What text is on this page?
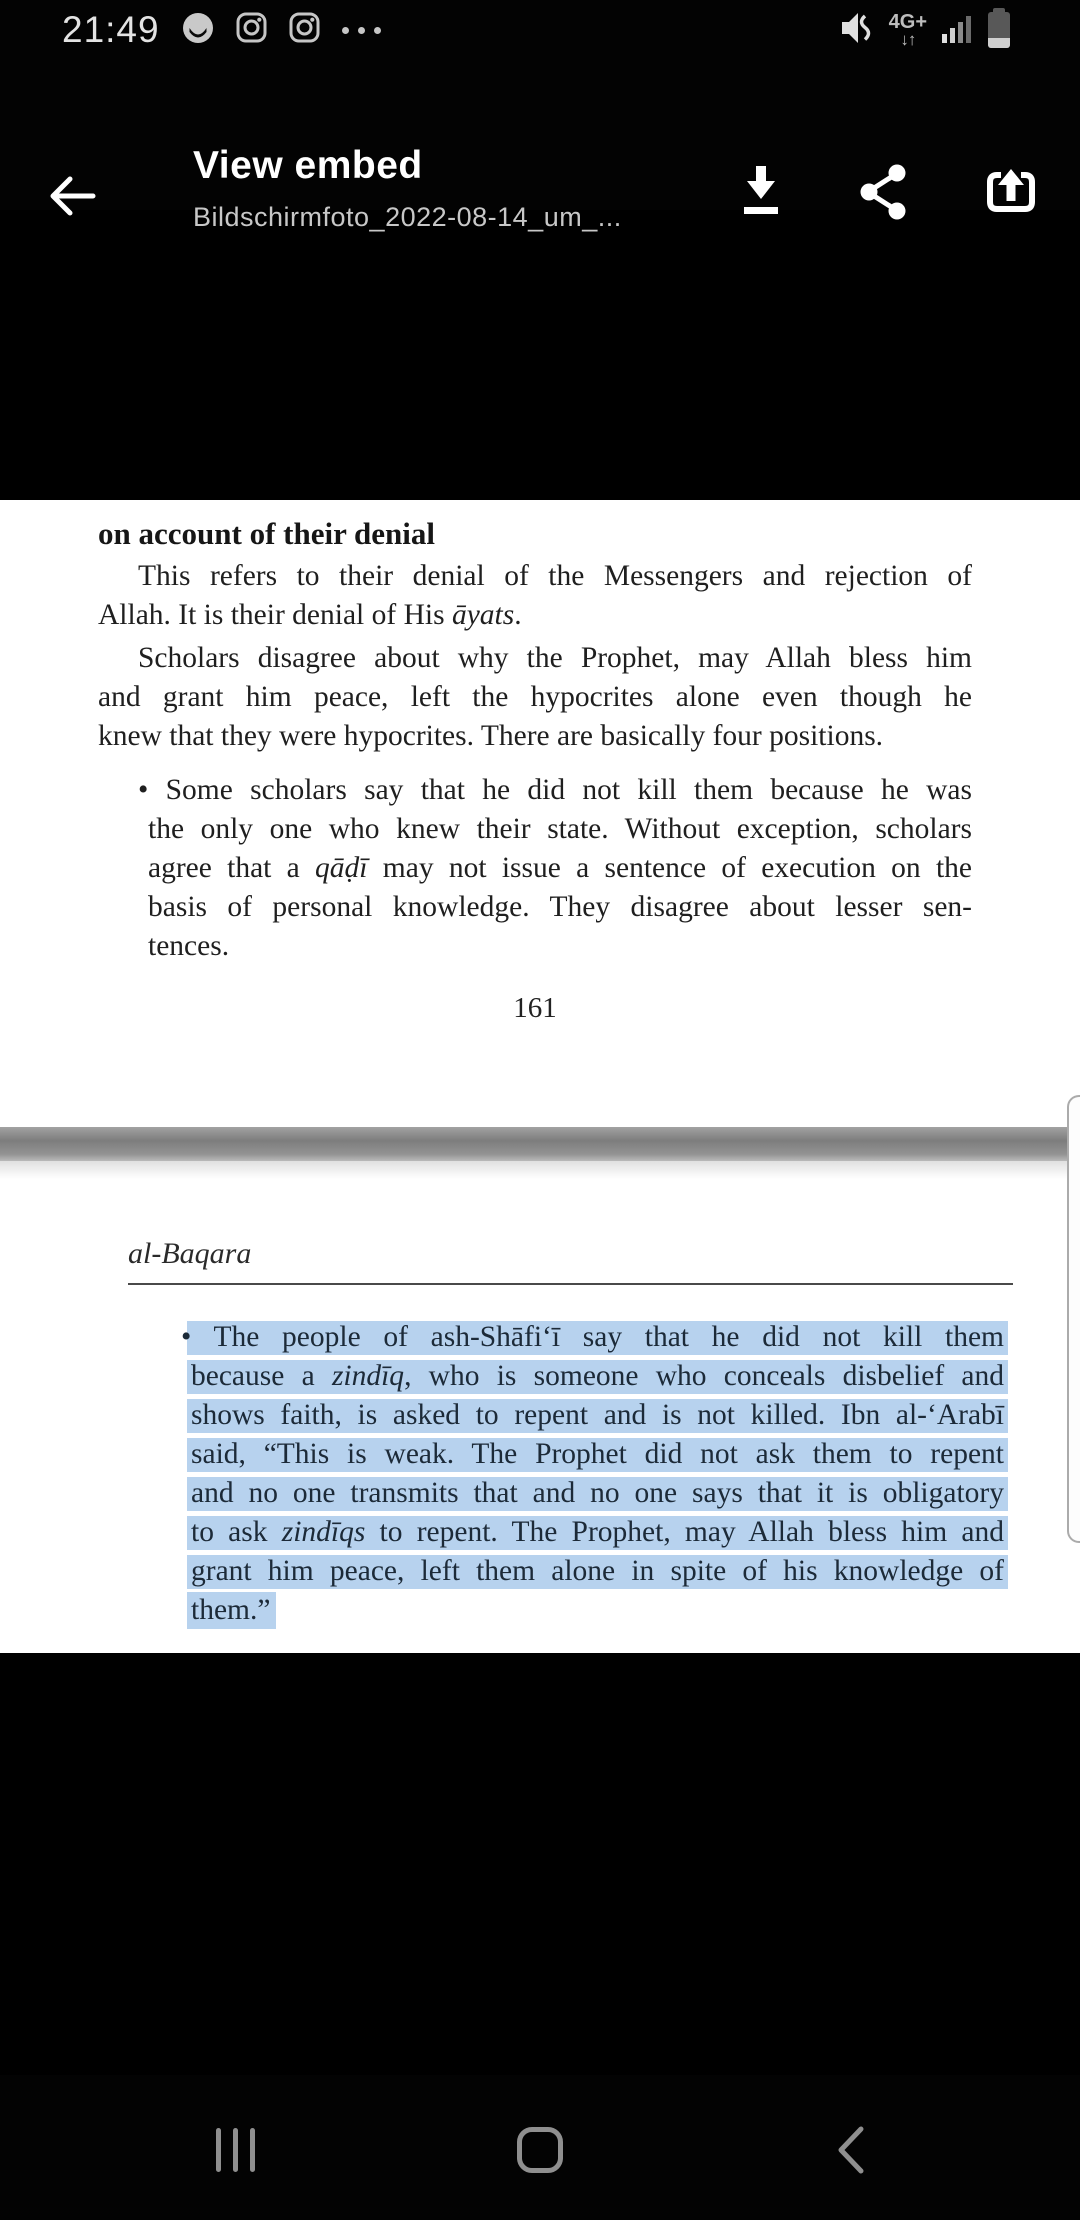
21:49	4G+
↓↑
View embed
Bildschirmfoto_2022-08-14_um_...
on account of their denial
This refers to their denial of the Messengers and rejection of
Allah. It is their denial of His āyats.
Scholars disagree about why the Prophet, may Allah bless him
and grant him peace, left the hypocrites alone even though he
knew that they were hypocrites. There are basically four positions.
• Some scholars say that he did not kill them because he was
the only one who knew their state. Without exception, scholars
agree that a qāḍī may not issue a sentence of execution on the
basis of personal knowledge. They disagree about lesser sen-
tences.
161
al-Baqara
• The people of ash-Shāfi‘ī say that he did not kill them
because a zindīq, who is someone who conceals disbelief and
shows faith, is asked to repent and is not killed. Ibn al-‘Arabī
said, “This is weak. The Prophet did not ask them to repent
and no one transmits that and no one says that it is obligatory
to ask zindīqs to repent. The Prophet, may Allah bless him and
grant him peace, left them alone in spite of his knowledge of
them.”
